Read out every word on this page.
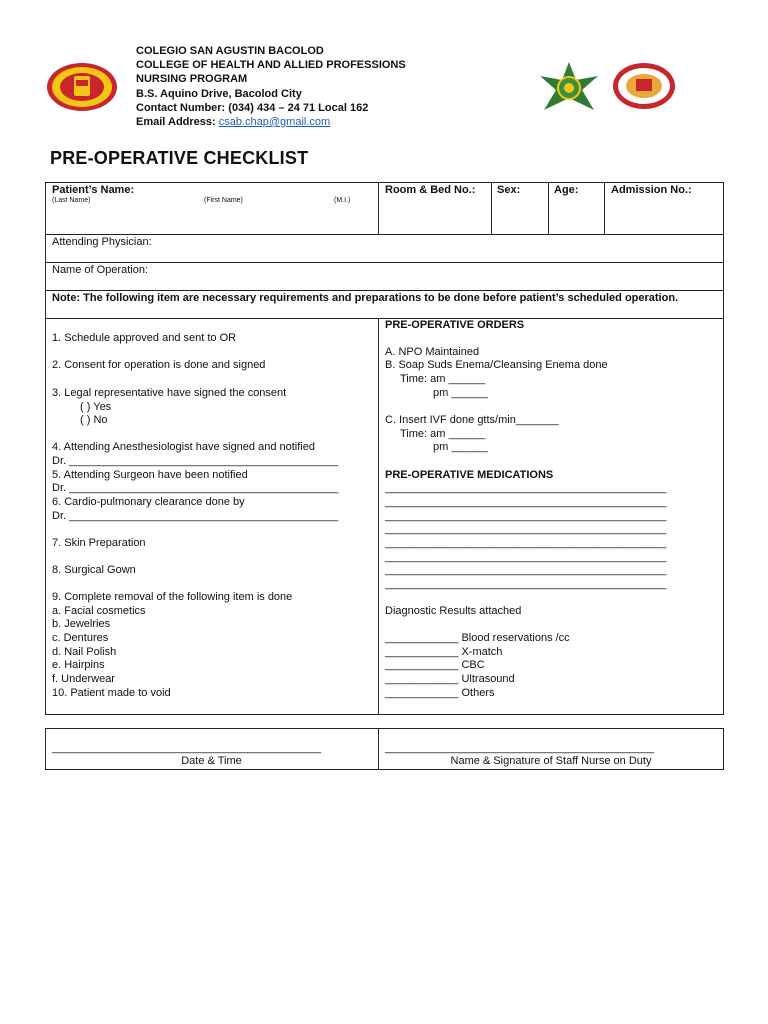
COLEGIO SAN AGUSTIN BACOLOD
COLLEGE OF HEALTH AND ALLIED PROFESSIONS
NURSING PROGRAM
B.S. Aquino Drive, Bacolod City
Contact Number: (034) 434 – 24 71 Local 162
Email Address: csab.chap@gmail.com
PRE-OPERATIVE CHECKLIST
Patient’s Name:
(Last Name)	(First Name)	(M.I.)
Room & Bed No.: Sex:	Age:	Admission No.:
Attending Physician:
Name of Operation:
Note: The following item are necessary requirements and preparations to be done before patient’s scheduled operation.
1. Schedule approved and sent to OR
2. Consent for operation is done and signed
3. Legal representative have signed the consent
( ) Yes
( ) No
4. Attending Anesthesiologist have signed and notified
Dr. ____________________________________________
5. Attending Surgeon have been notified
Dr. ____________________________________________
6. Cardio-pulmonary clearance done by
Dr. ____________________________________________
7. Skin Preparation
8. Surgical Gown
9. Complete removal of the following item is done
a. Facial cosmetics
b. Jewelries
c. Dentures
d. Nail Polish
e. Hairpins
f. Underwear
10. Patient made to void
PRE-OPERATIVE ORDERS
A. NPO Maintained
B. Soap Suds Enema/Cleansing Enema done
Time: am ______
pm ______
C. Insert IVF done gtts/min_______
Time: am ______
pm ______
PRE-OPERATIVE MEDICATIONS
______________________________________________
______________________________________________
______________________________________________
______________________________________________
______________________________________________
______________________________________________
______________________________________________
______________________________________________
Diagnostic Results attached
____________ Blood reservations /cc
____________ X-match
____________ CBC
____________ Ultrasound
____________ Others
____________________________________________
Date & Time
____________________________________________
Name & Signature of Staff Nurse on Duty
